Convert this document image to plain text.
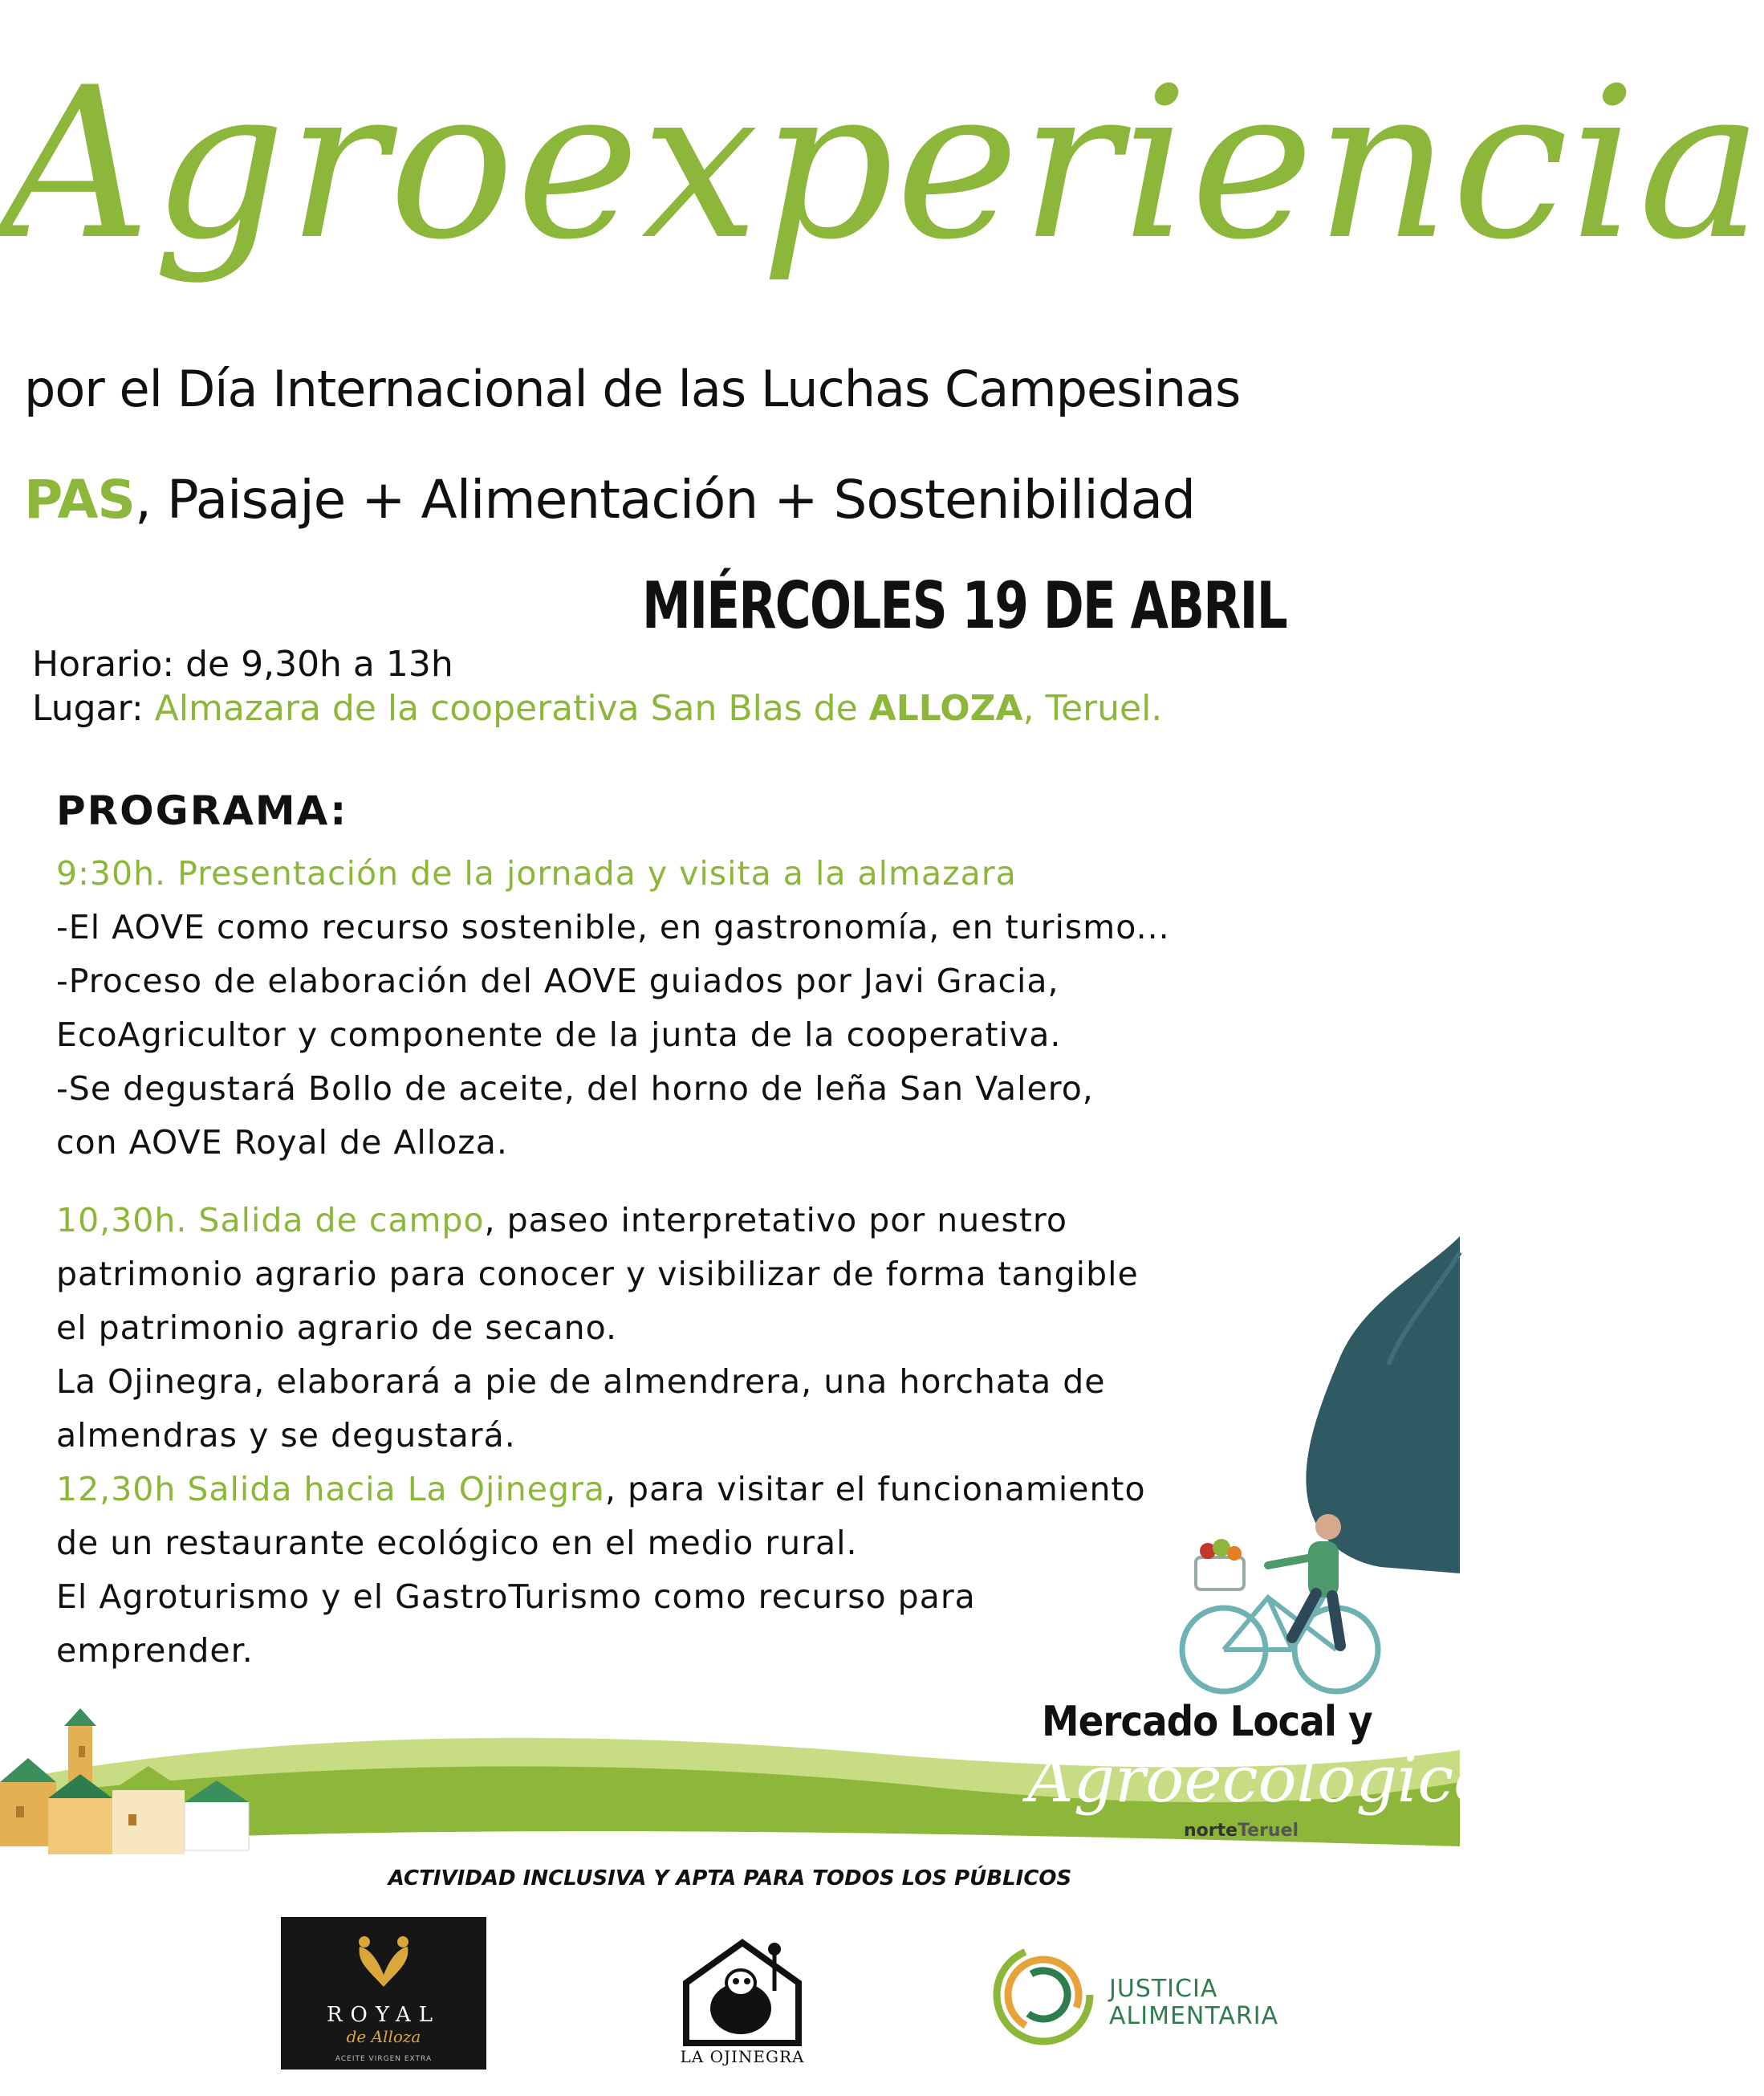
Agroexperiencia
por el Día Internacional de las Luchas Campesinas
PAS, Paisaje + Alimentación + Sostenibilidad
MIÉRCOLES 19 DE ABRIL
Horario: de 9,30h a 13h
Lugar: Almazara de la cooperativa San Blas de ALLOZA, Teruel.
PROGRAMA:
9:30h. Presentación de la jornada y visita a la almazara
-El AOVE como recurso sostenible, en gastronomía, en turismo...
-Proceso de elaboración del AOVE guiados por Javi Gracia,
EcoAgricultor y componente de la junta de la cooperativa.
-Se degustará Bollo de aceite, del horno de leña San Valero,
con AOVE Royal de Alloza.
10,30h. Salida de campo, paseo interpretativo por nuestro
patrimonio agrario para conocer y visibilizar de forma tangible
el patrimonio agrario de secano.
La Ojinegra, elaborará a pie de almendrera, una horchata de
almendras y se degustará.
12,30h Salida hacia La Ojinegra, para visitar el funcionamiento
de un restaurante ecológico en el medio rural.
El Agroturismo y el GastroTurismo como recurso para
emprender.
Mercado Local y
Agroecológico
norteTeruel
ACTIVIDAD INCLUSIVA Y APTA PARA TODOS LOS PÚBLICOS
ROYAL
de Alloza
ACEITE VIRGEN EXTRA	LA OJINEGRA
JUSTICIA
ALIMENTARIA
